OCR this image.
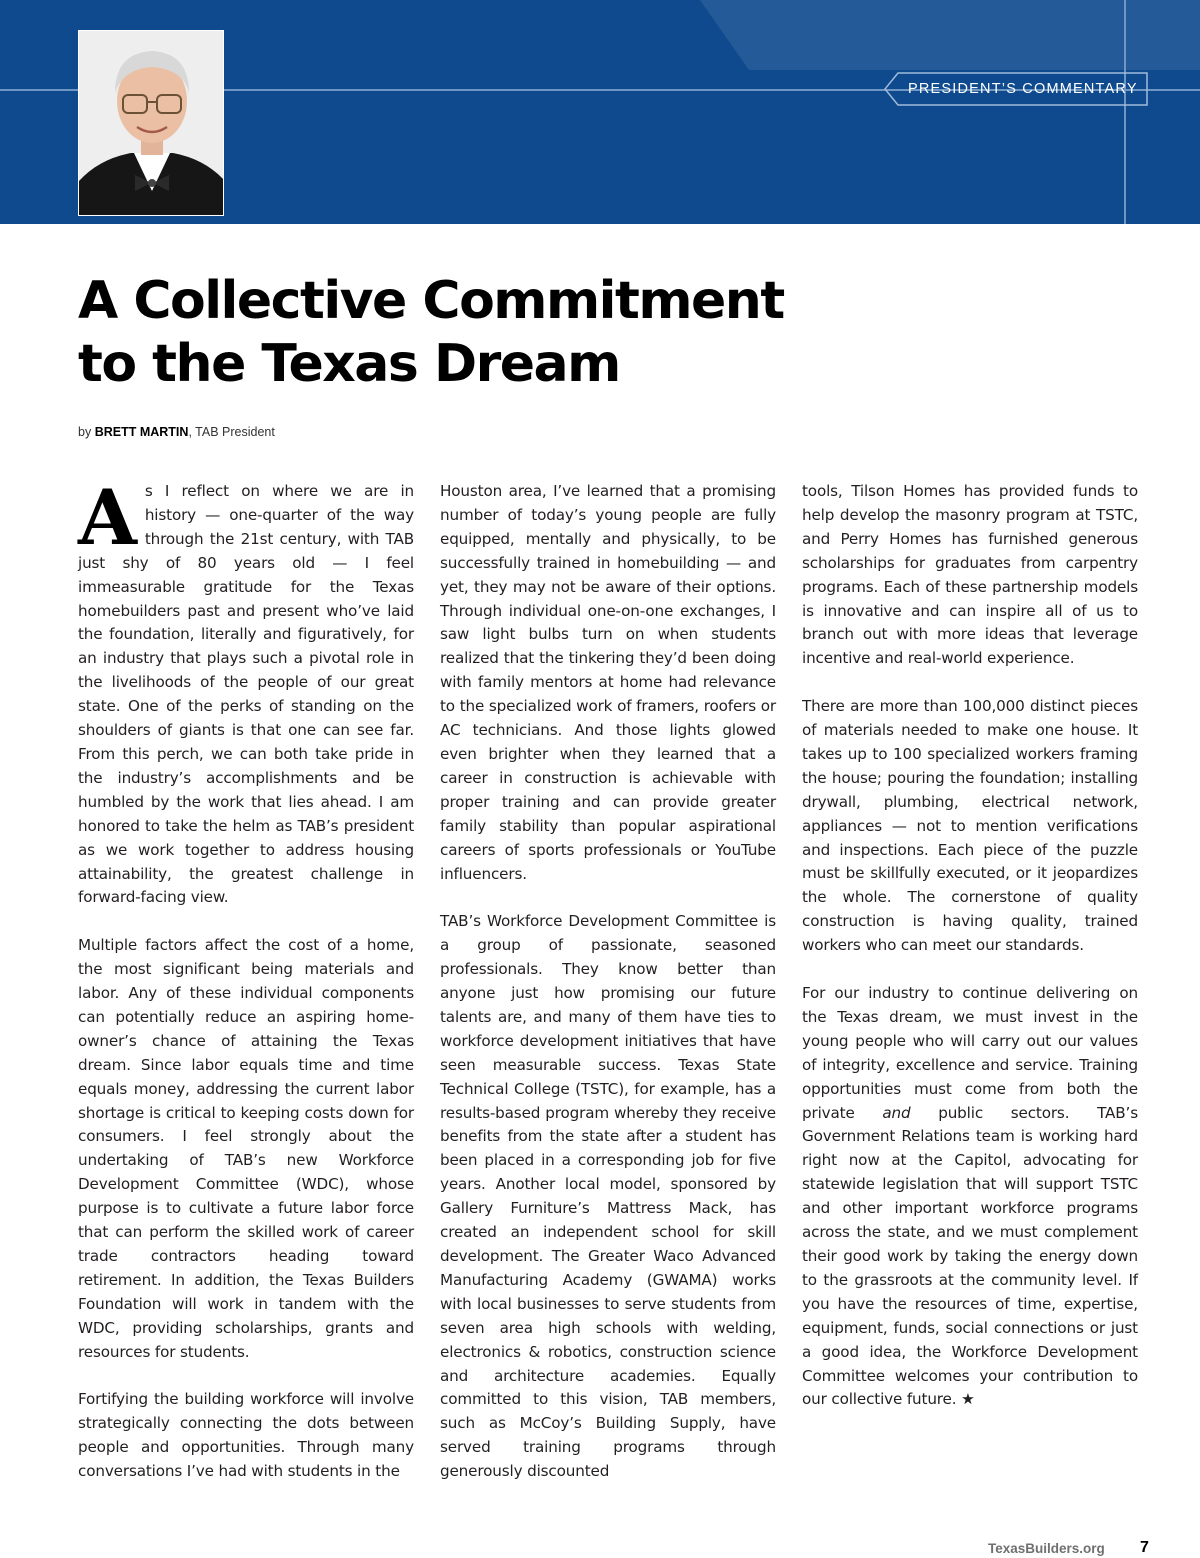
PRESIDENT’S COMMENTARY
A Collective Commitment
to the Texas Dream
by BRETT MARTIN, TAB President

As I reflect on where we are in history — one-quarter of the way through the 21st century, with TAB just shy of 80 years old — I feel immeasurable gratitude for the Texas homebuilders past and present who’ve laid the foundation, literally and figuratively, for an industry that plays such a pivotal role in the livelihoods of the people of our great state. One of the perks of standing on the shoulders of giants is that one can see far. From this perch, we can both take pride in the industry’s accomplishments and be humbled by the work that lies ahead. I am honored to take the helm as TAB’s president as we work together to address housing attainability, the greatest challenge in forward-facing view.

Multiple factors affect the cost of a home, the most significant being materials and labor. Any of these individual components can potentially reduce an aspiring home-owner’s chance of attaining the Texas dream. Since labor equals time and time equals money, addressing the current labor shortage is critical to keeping costs down for consumers. I feel strongly about the undertaking of TAB’s new Workforce Development Committee (WDC), whose purpose is to cultivate a future labor force that can perform the skilled work of career trade contractors heading toward retirement. In addition, the Texas Builders Foundation will work in tandem with the WDC, providing scholarships, grants and resources for students.

Fortifying the building workforce will involve strategically connecting the dots between people and opportunities. Through many conversations I’ve had with students in the

Houston area, I’ve learned that a promising number of today’s young people are fully equipped, mentally and physically, to be successfully trained in homebuilding — and yet, they may not be aware of their options. Through individual one-on-one exchanges, I saw light bulbs turn on when students realized that the tinkering they’d been doing with family mentors at home had relevance to the specialized work of framers, roofers or AC technicians. And those lights glowed even brighter when they learned that a career in construction is achievable with proper training and can provide greater family stability than popular aspirational careers of sports professionals or YouTube influencers.

TAB’s Workforce Development Committee is a group of passionate, seasoned professionals. They know better than anyone just how promising our future talents are, and many of them have ties to workforce development initiatives that have seen measurable success. Texas State Technical College (TSTC), for example, has a results-based program whereby they receive benefits from the state after a student has been placed in a corresponding job for five years. Another local model, sponsored by Gallery Furniture’s Mattress Mack, has created an independent school for skill development. The Greater Waco Advanced Manufacturing Academy (GWAMA) works with local businesses to serve students from seven area high schools with welding, electronics & robotics, construction science and architecture academies. Equally committed to this vision, TAB members, such as McCoy’s Building Supply, have served training programs through generously discounted

tools, Tilson Homes has provided funds to help develop the masonry program at TSTC, and Perry Homes has furnished generous scholarships for graduates from carpentry programs. Each of these partnership models is innovative and can inspire all of us to branch out with more ideas that leverage incentive and real-world experience.

There are more than 100,000 distinct pieces of materials needed to make one house. It takes up to 100 specialized workers framing the house; pouring the foundation; installing drywall, plumbing, electrical network, appliances — not to mention verifications and inspections. Each piece of the puzzle must be skillfully executed, or it jeopardizes the whole. The cornerstone of quality construction is having quality, trained workers who can meet our standards.

For our industry to continue delivering on the Texas dream, we must invest in the young people who will carry out our values of integrity, excellence and service. Training opportunities must come from both the private and public sectors. TAB’s Government Relations team is working hard right now at the Capitol, advocating for statewide legislation that will support TSTC and other important workforce programs across the state, and we must complement their good work by taking the energy down to the grassroots at the community level. If you have the resources of time, expertise, equipment, funds, social connections or just a good idea, the Workforce Development Committee welcomes your contribution to our collective future. ★

TexasBuilders.org 7
